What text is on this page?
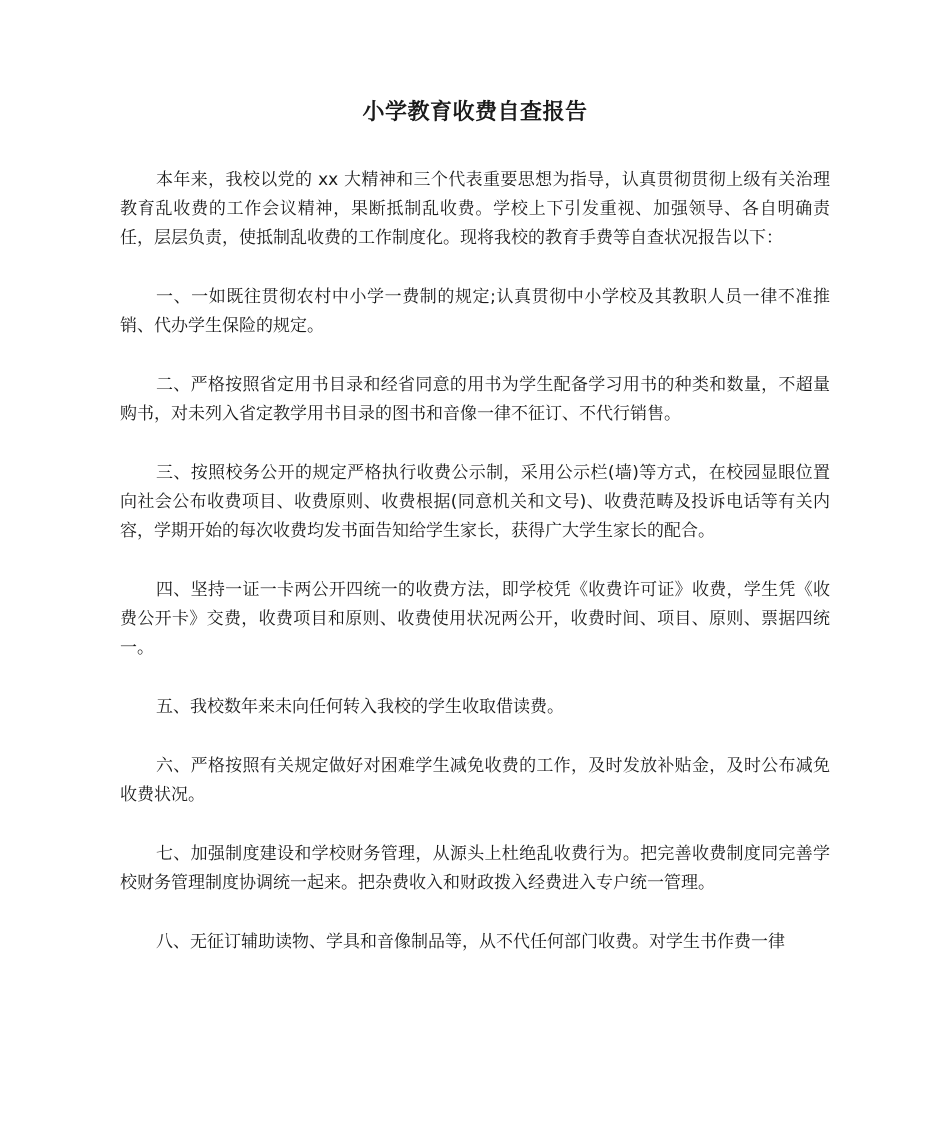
小学教育收费自查报告

本年来，我校以党的 xx 大精神和三个代表重要思想为指导，认真贯彻贯彻上级有关治理教育乱收费的工作会议精神，果断抵制乱收费。学校上下引发重视、加强领导、各自明确责任，层层负责，使抵制乱收费的工作制度化。现将我校的教育手费等自查状况报告以下：

一、一如既往贯彻农村中小学一费制的规定;认真贯彻中小学校及其教职人员一律不准推销、代办学生保险的规定。

二、严格按照省定用书目录和经省同意的用书为学生配备学习用书的种类和数量，不超量购书，对未列入省定教学用书目录的图书和音像一律不征订、不代行销售。

三、按照校务公开的规定严格执行收费公示制，采用公示栏(墙)等方式，在校园显眼位置向社会公布收费项目、收费原则、收费根据(同意机关和文号)、收费范畴及投诉电话等有关内容，学期开始的每次收费均发书面告知给学生家长，获得广大学生家长的配合。

四、坚持一证一卡两公开四统一的收费方法，即学校凭《收费许可证》收费，学生凭《收费公开卡》交费，收费项目和原则、收费使用状况两公开，收费时间、项目、原则、票据四统一。

五、我校数年来未向任何转入我校的学生收取借读费。

六、严格按照有关规定做好对困难学生减免收费的工作，及时发放补贴金，及时公布减免收费状况。

七、加强制度建设和学校财务管理，从源头上杜绝乱收费行为。把完善收费制度同完善学校财务管理制度协调统一起来。把杂费收入和财政拨入经费进入专户统一管理。

八、无征订辅助读物、学具和音像制品等，从不代任何部门收费。对学生书作费一律
